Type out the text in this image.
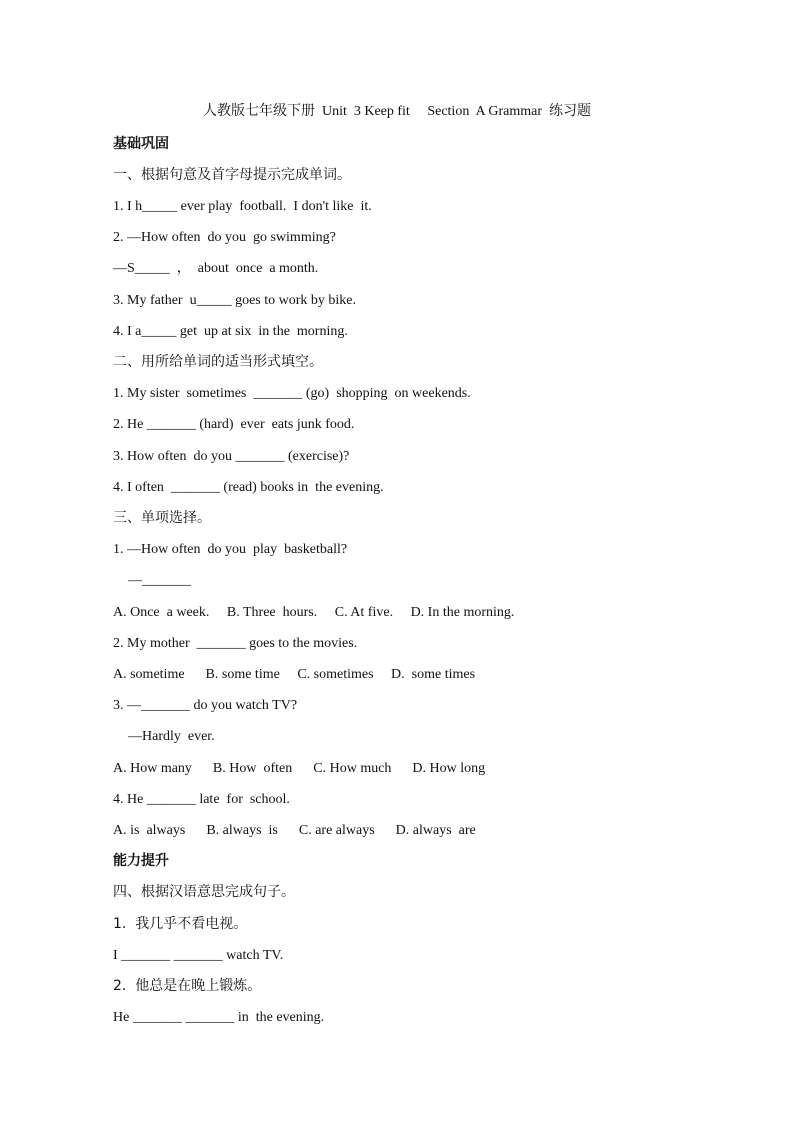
人教版七年级下册  Unit  3 Keep fit     Section  A Grammar  练习题
基础巩固
一、根据句意及首字母提示完成单词。
1. I h_____ ever play  football.  I don't like  it.
2. —How often  do you  go swimming?
—S_____  ，  about  once  a month.
3. My father  u_____ goes to work by bike.
4. I a_____ get  up at six  in the  morning.
二、用所给单词的适当形式填空。
1. My sister  sometimes  _______ (go)  shopping  on weekends.
2. He _______ (hard)  ever  eats junk food.
3. How often  do you _______ (exercise)?
4. I often  _______ (read) books in  the evening.
三、单项选择。
1. —How often  do you  play  basketball?
—_______
A. Once  a week.     B. Three  hours.     C. At five.     D. In the morning.
2. My mother  _______ goes to the movies.
A. sometime      B. some time     C. sometimes     D.  some times
3. —_______ do you watch TV?
—Hardly  ever.
A. How many      B. How  often      C. How much      D. How long
4. He _______ late  for  school.
A. is  always      B. always  is      C. are always      D. always  are
能力提升
四、根据汉语意思完成句子。
1.  我几乎不看电视。
I _______ _______ watch TV.
2.  他总是在晚上锻炼。
He _______ _______ in  the evening.
